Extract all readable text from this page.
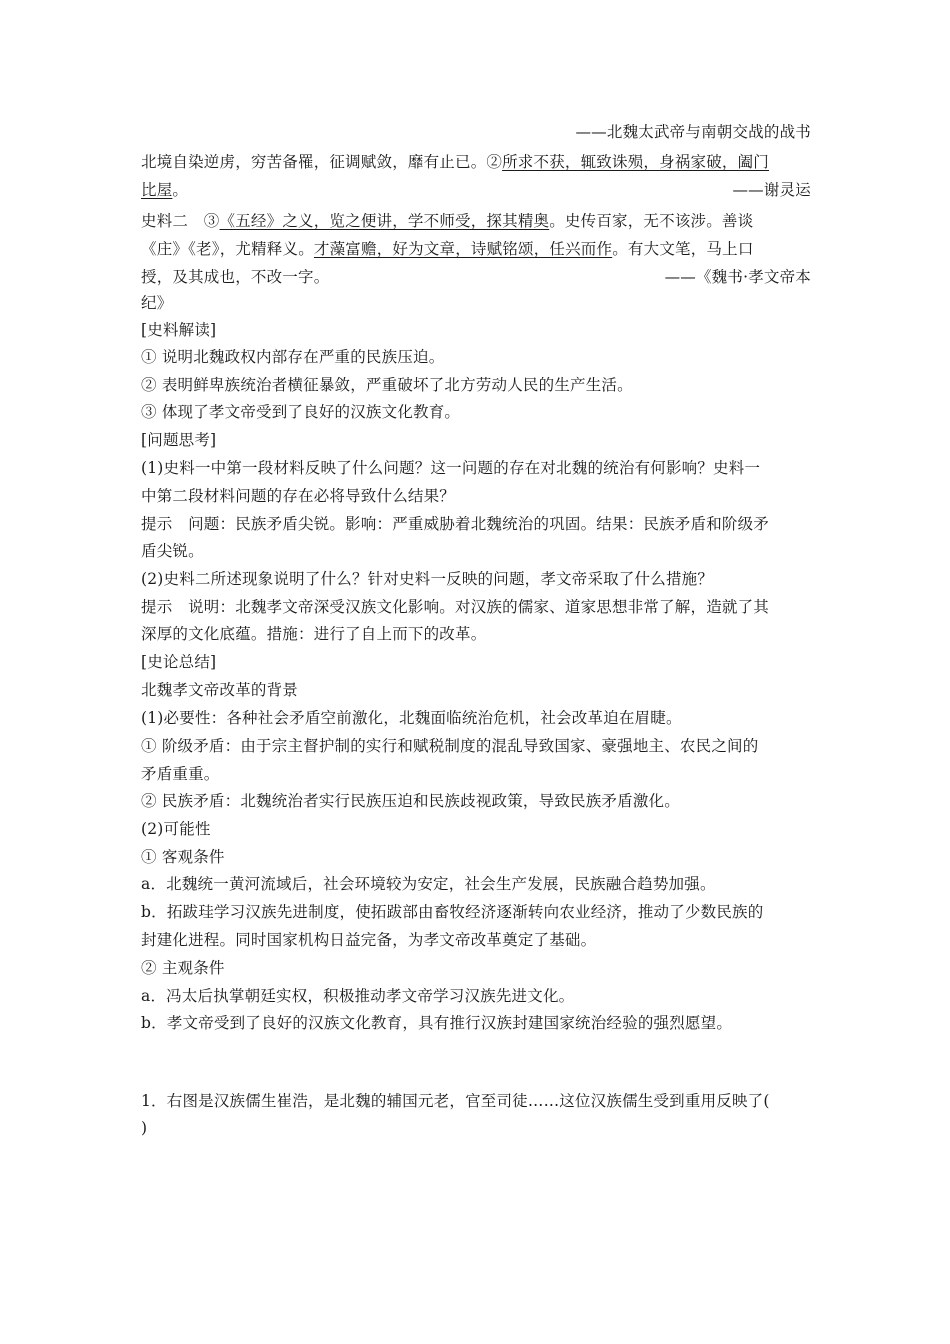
——北魏太武帝与南朝交战的战书
北境自染逆虏，穷苦备罹，征调赋敛，靡有止已。②所求不获，辄致诛殒，身祸家破，阖门
比屋。	——谢灵运
史料二　③《五经》之义，览之便讲，学不师受，探其精奥。史传百家，无不该涉。善谈
《庄》《老》，尤精释义。才藻富赡，好为文章，诗赋铭颂，任兴而作。有大文笔，马上口
授，及其成也，不改一字。	——《魏书·孝文帝本
纪》
[史料解读]
① 说明北魏政权内部存在严重的民族压迫。
② 表明鲜卑族统治者横征暴敛，严重破坏了北方劳动人民的生产生活。
③ 体现了孝文帝受到了良好的汉族文化教育。
[问题思考]
(1)史料一中第一段材料反映了什么问题？这一问题的存在对北魏的统治有何影响？史料一
中第二段材料问题的存在必将导致什么结果？
提示　问题：民族矛盾尖锐。影响：严重威胁着北魏统治的巩固。结果：民族矛盾和阶级矛
盾尖锐。
(2)史料二所述现象说明了什么？针对史料一反映的问题，孝文帝采取了什么措施？
提示　说明：北魏孝文帝深受汉族文化影响。对汉族的儒家、道家思想非常了解，造就了其
深厚的文化底蕴。措施：进行了自上而下的改革。
[史论总结]
北魏孝文帝改革的背景
(1)必要性：各种社会矛盾空前激化，北魏面临统治危机，社会改革迫在眉睫。
① 阶级矛盾：由于宗主督护制的实行和赋税制度的混乱导致国家、豪强地主、农民之间的
矛盾重重。
② 民族矛盾：北魏统治者实行民族压迫和民族歧视政策，导致民族矛盾激化。
(2)可能性
① 客观条件
a．北魏统一黄河流域后，社会环境较为安定，社会生产发展，民族融合趋势加强。
b．拓跋珪学习汉族先进制度，使拓跋部由畜牧经济逐渐转向农业经济，推动了少数民族的
封建化进程。同时国家机构日益完备，为孝文帝改革奠定了基础。
② 主观条件
a．冯太后执掌朝廷实权，积极推动孝文帝学习汉族先进文化。
b．孝文帝受到了良好的汉族文化教育，具有推行汉族封建国家统治经验的强烈愿望。
1．右图是汉族儒生崔浩，是北魏的辅国元老，官至司徒……这位汉族儒生受到重用反映了(
)
